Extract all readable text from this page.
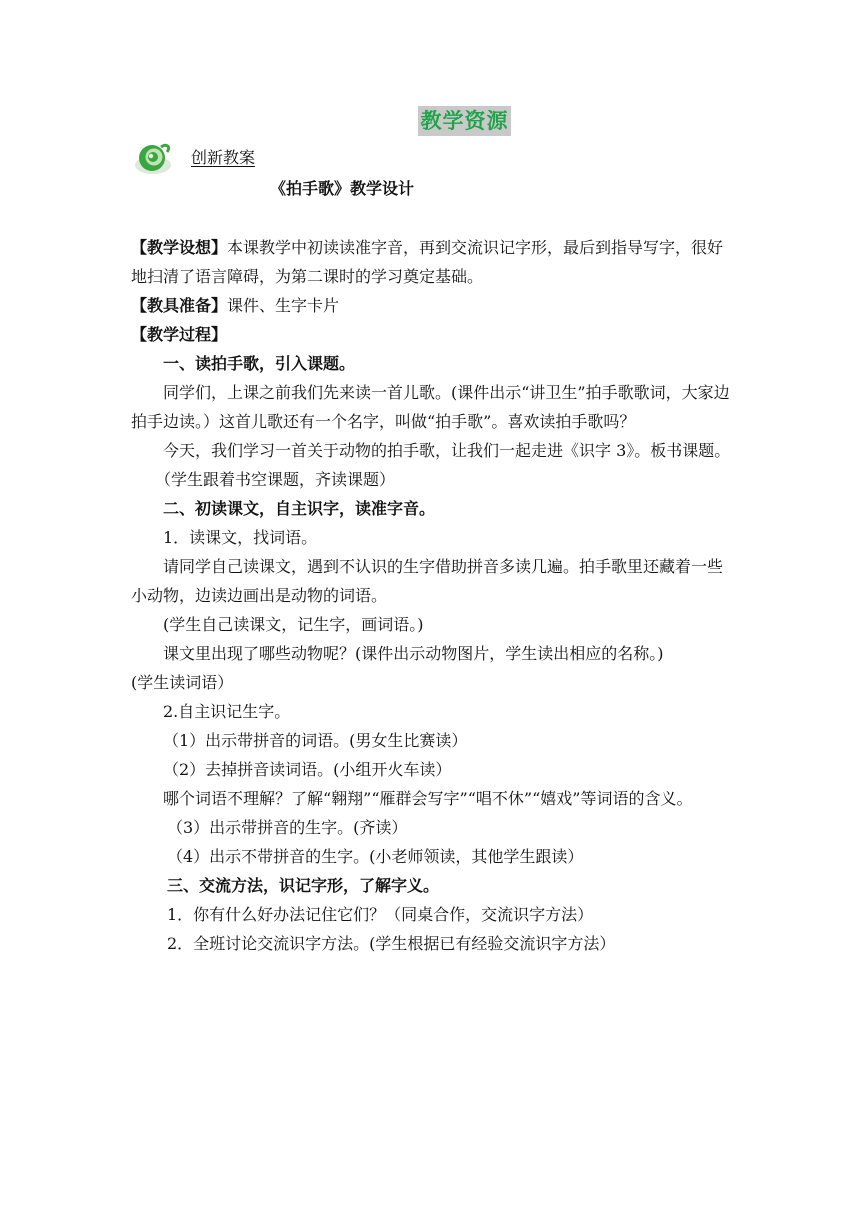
教学资源
创新教案
《拍手歌》教学设计

【教学设想】本课教学中初读读准字音，再到交流识记字形，最后到指导写字，很好地扫清了语言障碍，为第二课时的学习奠定基础。

【教具准备】课件、生字卡片

【教学过程】

一、读拍手歌，引入课题。

同学们，上课之前我们先来读一首儿歌。(课件出示“讲卫生”拍手歌歌词，大家边拍手边读。）这首儿歌还有一个名字，叫做“拍手歌”。喜欢读拍手歌吗？

今天，我们学习一首关于动物的拍手歌，让我们一起走进《识字 3》。板书课题。

（学生跟着书空课题，齐读课题）

二、初读课文，自主识字，读准字音。

1．读课文，找词语。

请同学自己读课文，遇到不认识的生字借助拼音多读几遍。拍手歌里还藏着一些小动物，边读边画出是动物的词语。

(学生自己读课文，记生字，画词语。)

课文里出现了哪些动物呢？(课件出示动物图片，学生读出相应的名称。)

(学生读词语）

2.自主识记生字。

（1）出示带拼音的词语。(男女生比赛读）

（2）去掉拼音读词语。(小组开火车读）

哪个词语不理解？了解“翱翔”“雁群会写字”“唱不休”“嬉戏”等词语的含义。

（3）出示带拼音的生字。(齐读）

（4）出示不带拼音的生字。(小老师领读，其他学生跟读）

三、交流方法，识记字形，了解字义。

1．你有什么好办法记住它们？（同桌合作，交流识字方法）

2．全班讨论交流识字方法。(学生根据已有经验交流识字方法）
